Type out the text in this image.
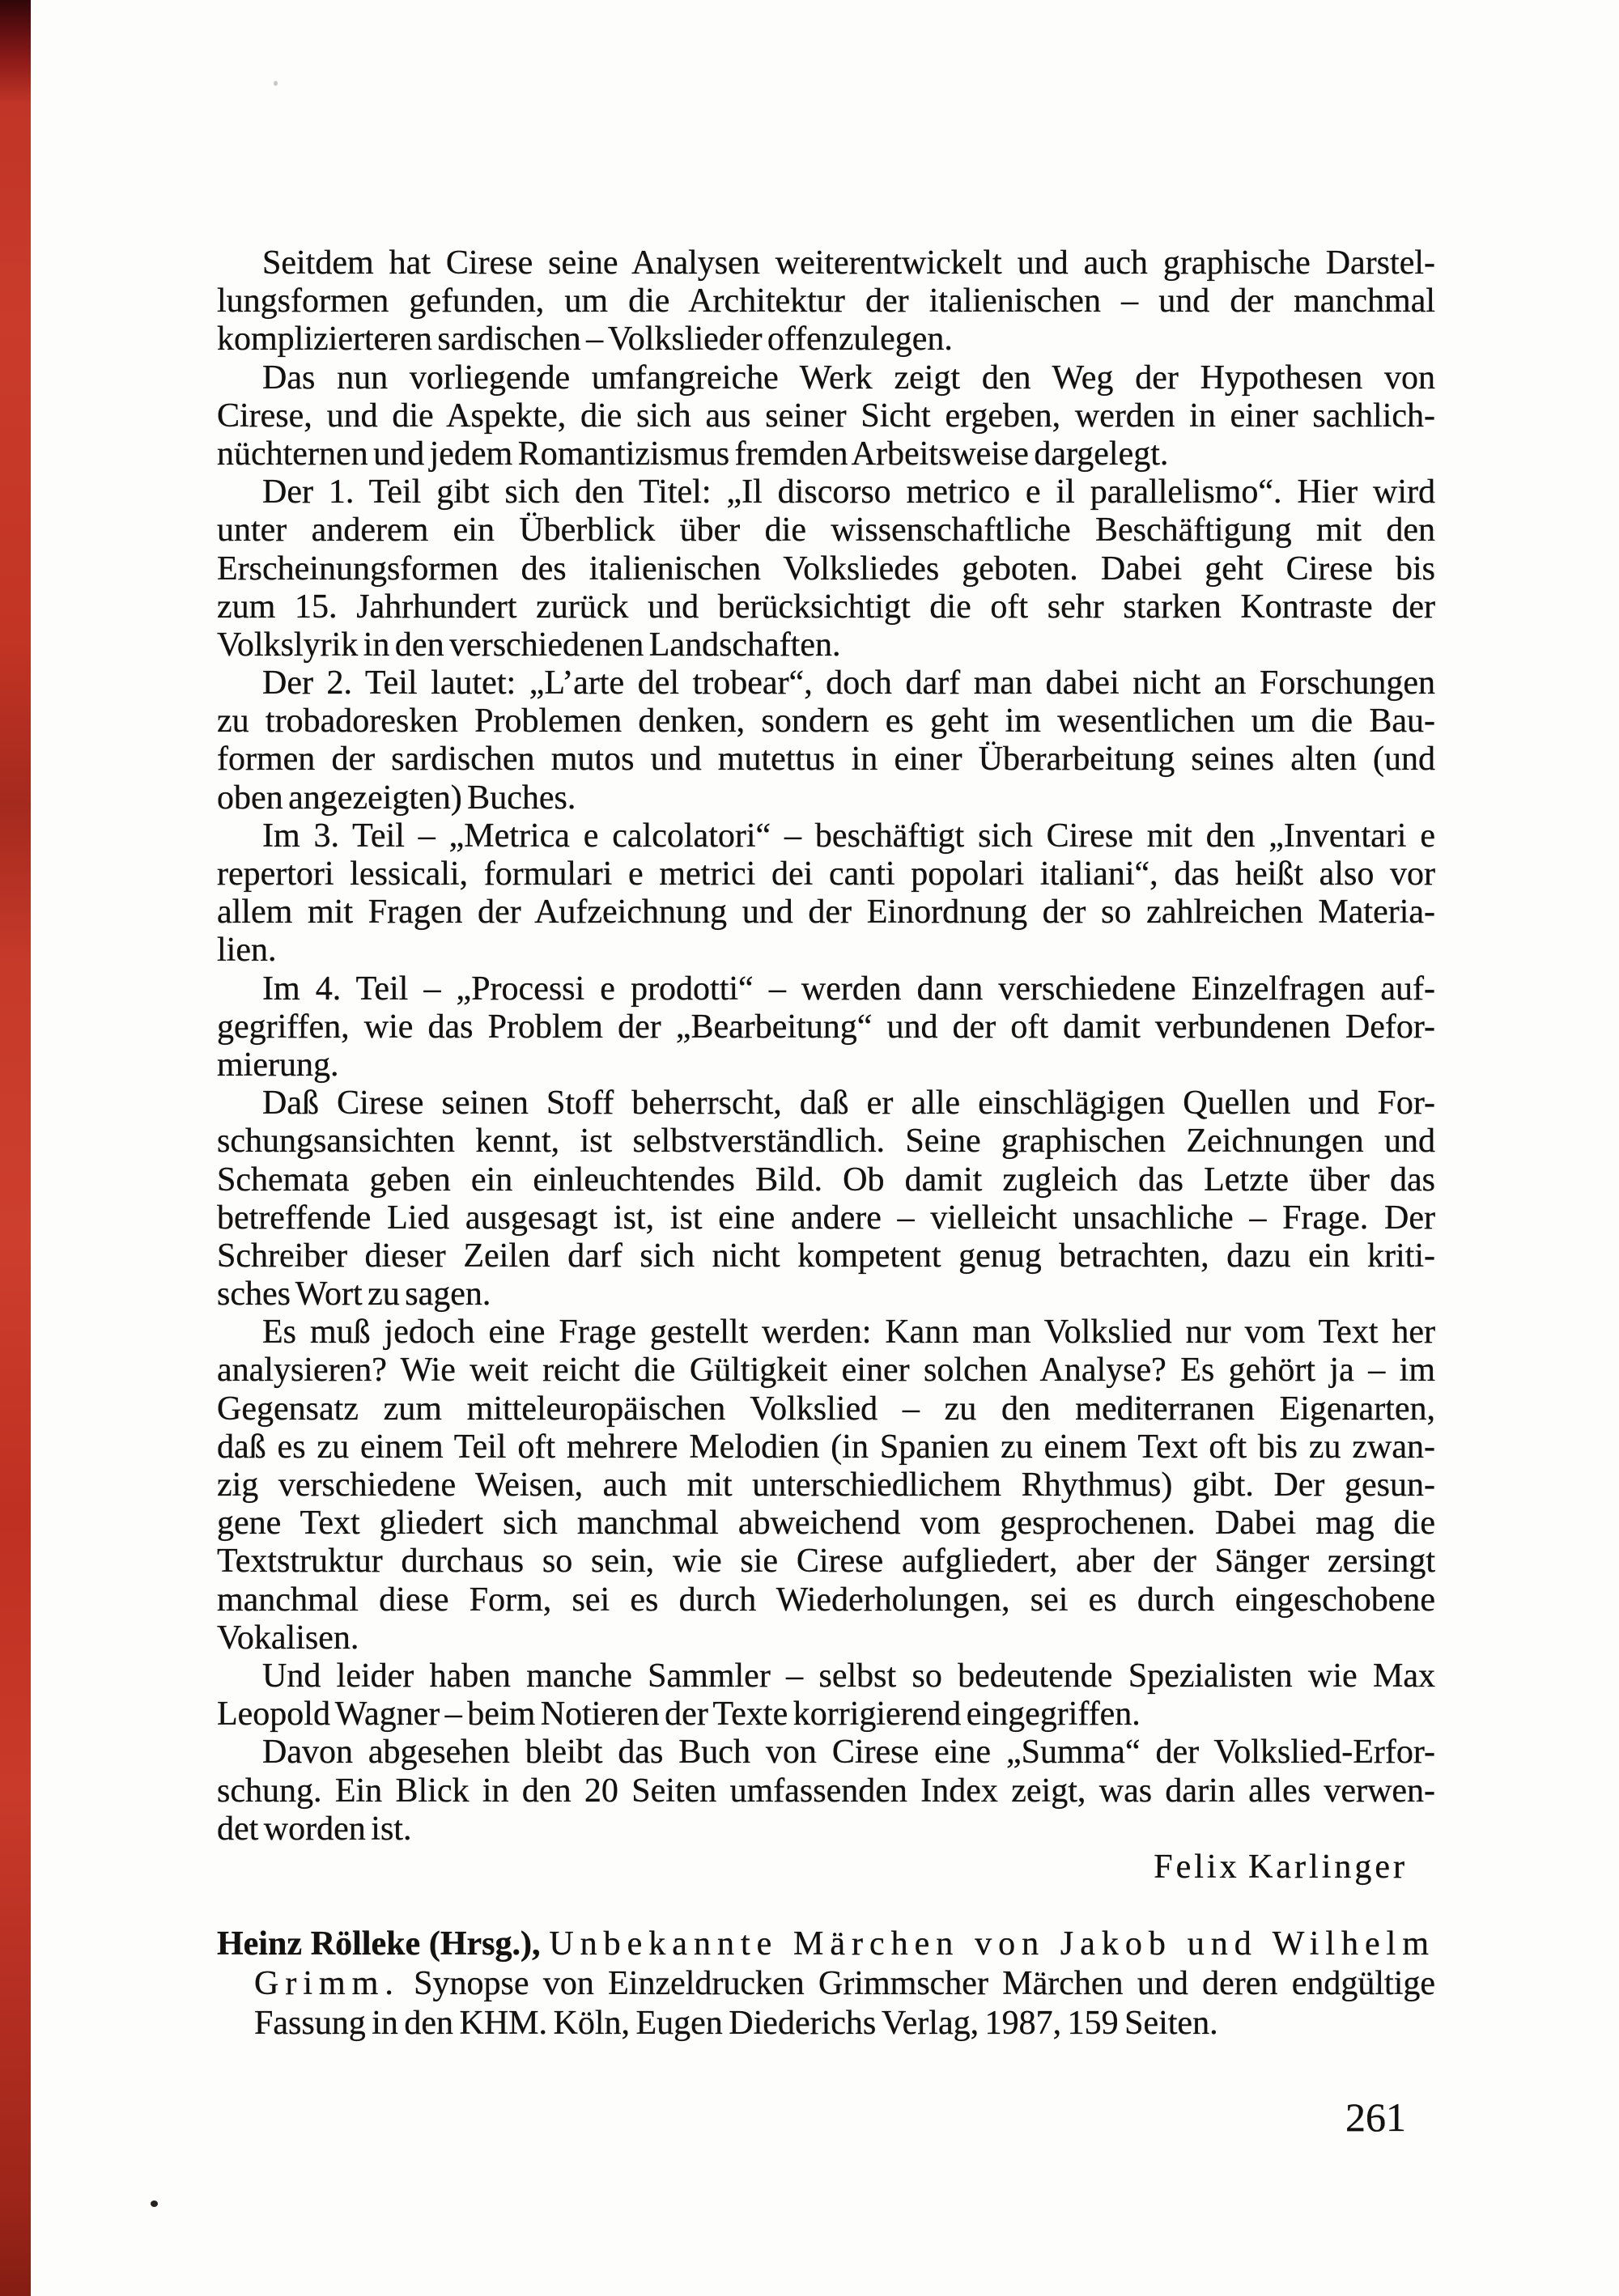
Seitdem hat Cirese seine Analysen weiterentwickelt und auch graphische Darstel-
lungsformen gefunden, um die Architektur der italienischen – und der manchmal
komplizierteren sardischen – Volkslieder offenzulegen.
Das nun vorliegende umfangreiche Werk zeigt den Weg der Hypothesen von
Cirese, und die Aspekte, die sich aus seiner Sicht ergeben, werden in einer sachlich-
nüchternen und jedem Romantizismus fremden Arbeitsweise dargelegt.
Der 1. Teil gibt sich den Titel: „Il discorso metrico e il parallelismo“. Hier wird
unter anderem ein Überblick über die wissenschaftliche Beschäftigung mit den
Erscheinungsformen des italienischen Volksliedes geboten. Dabei geht Cirese bis
zum 15. Jahrhundert zurück und berücksichtigt die oft sehr starken Kontraste der
Volkslyrik in den verschiedenen Landschaften.
Der 2. Teil lautet: „L’arte del trobear“, doch darf man dabei nicht an Forschungen
zu trobadoresken Problemen denken, sondern es geht im wesentlichen um die Bau-
formen der sardischen mutos und mutettus in einer Überarbeitung seines alten (und
oben angezeigten) Buches.
Im 3. Teil – „Metrica e calcolatori“ – beschäftigt sich Cirese mit den „Inventari e
repertori lessicali, formulari e metrici dei canti popolari italiani“, das heißt also vor
allem mit Fragen der Aufzeichnung und der Einordnung der so zahlreichen Materia-
lien.
Im 4. Teil – „Processi e prodotti“ – werden dann verschiedene Einzelfragen auf-
gegriffen, wie das Problem der „Bearbeitung“ und der oft damit verbundenen Defor-
mierung.
Daß Cirese seinen Stoff beherrscht, daß er alle einschlägigen Quellen und For-
schungsansichten kennt, ist selbstverständlich. Seine graphischen Zeichnungen und
Schemata geben ein einleuchtendes Bild. Ob damit zugleich das Letzte über das
betreffende Lied ausgesagt ist, ist eine andere – vielleicht unsachliche – Frage. Der
Schreiber dieser Zeilen darf sich nicht kompetent genug betrachten, dazu ein kriti-
sches Wort zu sagen.
Es muß jedoch eine Frage gestellt werden: Kann man Volkslied nur vom Text her
analysieren? Wie weit reicht die Gültigkeit einer solchen Analyse? Es gehört ja – im
Gegensatz zum mitteleuropäischen Volkslied – zu den mediterranen Eigenarten,
daß es zu einem Teil oft mehrere Melodien (in Spanien zu einem Text oft bis zu zwan-
zig verschiedene Weisen, auch mit unterschiedlichem Rhythmus) gibt. Der gesun-
gene Text gliedert sich manchmal abweichend vom gesprochenen. Dabei mag die
Textstruktur durchaus so sein, wie sie Cirese aufgliedert, aber der Sänger zersingt
manchmal diese Form, sei es durch Wiederholungen, sei es durch eingeschobene
Vokalisen.
Und leider haben manche Sammler – selbst so bedeutende Spezialisten wie Max
Leopold Wagner – beim Notieren der Texte korrigierend eingegriffen.
Davon abgesehen bleibt das Buch von Cirese eine „Summa“ der Volkslied-Erfor-
schung. Ein Blick in den 20 Seiten umfassenden Index zeigt, was darin alles verwen-
det worden ist.
Felix Karlinger
Heinz Rölleke (Hrsg.), Unbekannte Märchen von Jakob und Wilhelm
Grimm. Synopse von Einzeldrucken Grimmscher Märchen und deren endgültige
Fassung in den KHM. Köln, Eugen Diederichs Verlag, 1987, 159 Seiten.
261
